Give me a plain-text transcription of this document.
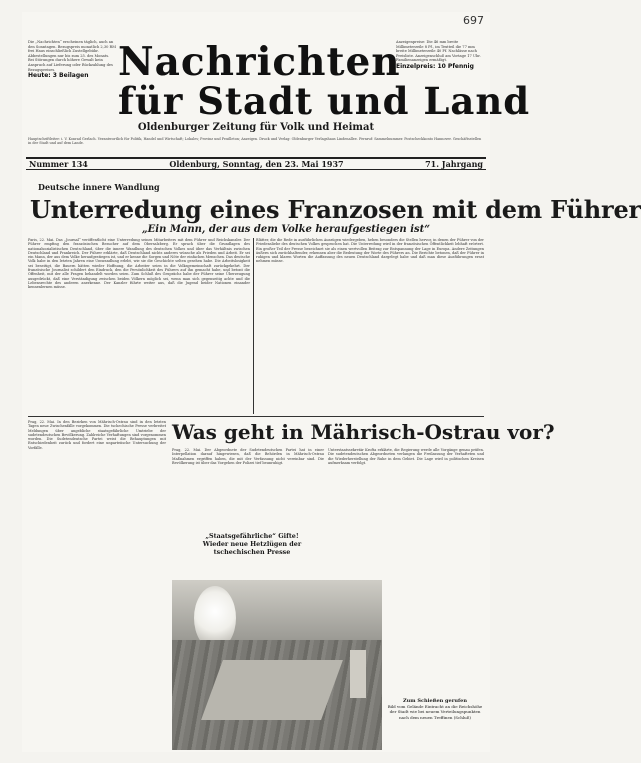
697
Die „Nachrichten“ erscheinen täglich, auch an den Sonntagen. Bezugspreis monatlich 2,30 RM frei Haus einschließlich Zustellgebühr. Abbestellungen nur bis zum 25. des Monats. Bei Störungen durch höhere Gewalt kein Anspruch auf Lieferung oder Rückzahlung des Bezugspreises.
Heute: 3 Beilagen
Anzeigenpreise: Die 46 mm breite Millimeterzeile 8 Pf., im Textteil die 77 mm breite Millimeterzeile 40 Pf. Nachlässe nach Preisliste. Anzeigenschluß am Vortage 17 Uhr. Familienanzeigen ermäßigt.
Einzelpreis: 10 Pfennig
Nachrichten
für Stadt und Land
Oldenburger Zeitung für Volk und Heimat
Hauptschriftleiter: i. V. Konrad Gerlach. Verantwortlich für Politik, Handel und Wirtschaft; Lokales; Provinz und Feuilleton; Anzeigen. Druck und Verlag: Oldenburger Verlagshaus Lindenallee. Fernruf: Sammelnummer. Postscheckkonto Hannover. Geschäftsstellen in der Stadt und auf dem Lande.
Nummer 134	Oldenburg, Sonntag, den 23. Mai 1937	71. Jahrgang
Deutsche innere Wandlung
Unterredung eines Franzosen mit dem Führer
„Ein Mann, der aus dem Volke heraufgestiegen ist“
Paris, 22. Mai. Das „Journal“ veröffentlicht eine Unterredung seines Mitarbeiters mit dem Führer und Reichskanzler. Der Führer empfing den französischen Besucher auf dem Obersalzberg. Er sprach über die Grundlagen des nationalsozialistischen Deutschland, über die innere Wandlung des deutschen Volkes und über das Verhältnis zwischen Deutschland und Frankreich. Der Führer erklärte, daß Deutschland nichts anderes wünsche als Frieden und Arbeit. Er sei ein Mann, der aus dem Volke heraufgestiegen ist, und er kenne die Sorgen und Nöte der einfachen Menschen. Das deutsche Volk habe in den letzten Jahren eine Umwandlung erlebt, wie sie die Geschichte selten gesehen habe. Die Arbeitslosigkeit sei beseitigt, die Bauern hätten wieder Hoffnung, die Arbeiter seien in die Volksgemeinschaft zurückgekehrt. Der französische Journalist schildert den Eindruck, den die Persönlichkeit des Führers auf ihn gemacht habe, und betont die Offenheit, mit der alle Fragen behandelt worden seien. Zum Schluß des Gesprächs habe der Führer seine Überzeugung ausgedrückt, daß eine Verständigung zwischen beiden Völkern möglich sei, wenn man sich gegenseitig achte und die Lebensrechte des anderen anerkenne. Der Kanzler führte weiter aus, daß die Jugend beider Nationen einander kennenlernen müsse.
Blätter, die die Rede in ausführlichen Auszügen wiedergeben, heben besonders die Stellen hervor, in denen der Führer von der Friedensliebe des deutschen Volkes gesprochen hat. Die Unterredung wird in der französischen Öffentlichkeit lebhaft erörtert. Ein großer Teil der Presse bezeichnet sie als einen wertvollen Beitrag zur Entspannung der Lage in Europa. Andere Zeitungen äußern sich zurückhaltender, erkennen aber die Bedeutung der Worte des Führers an. Die Berichte betonen, daß der Führer in ruhigen und klaren Worten die Auffassung des neuen Deutschland dargelegt habe und daß man diese Ausführungen ernst nehmen müsse.
Prag, 22. Mai. In den Bezirken von Mährisch-Ostrau sind in den letzten Tagen neue Zwischenfälle vorgekommen. Die tschechische Presse verbreitet Meldungen über angebliche staatsgefährliche Umtriebe der sudetendeutschen Bevölkerung. Zahlreiche Verhaftungen sind vorgenommen worden. Die Sudetendeutsche Partei weist die Behauptungen mit Entschiedenheit zurück und fordert eine unparteiische Untersuchung der Vorfälle.
Was geht in Mährisch-Ostrau vor?
Prag, 22. Mai. Der Abgeordnete der Sudetendeutschen Partei hat in einer Interpellation darauf hingewiesen, daß die Behörden in Mährisch-Ostrau Maßnahmen ergriffen haben, die mit der Verfassung nicht vereinbar sind. Die Bevölkerung ist über das Vorgehen der Polizei tief beunruhigt.
Unterstaatssekretär Krofta erklärte, die Regierung werde alle Vorgänge genau prüfen. Die sudetendeutschen Abgeordneten verlangen die Freilassung der Verhafteten und die Wiederherstellung der Ruhe in dem Gebiet. Die Lage wird in politischen Kreisen aufmerksam verfolgt.
„Staatsgefährliche“ Gifte!
Wieder neue Hetzlügen der tschechischen Presse
Zum Schießen gerufen
Bild vom Gelände Eintracht an die Reichshöhe der Stadt wie bei neuem Verteilungspunkten nach dem neuen Treffinen (Schluß)
